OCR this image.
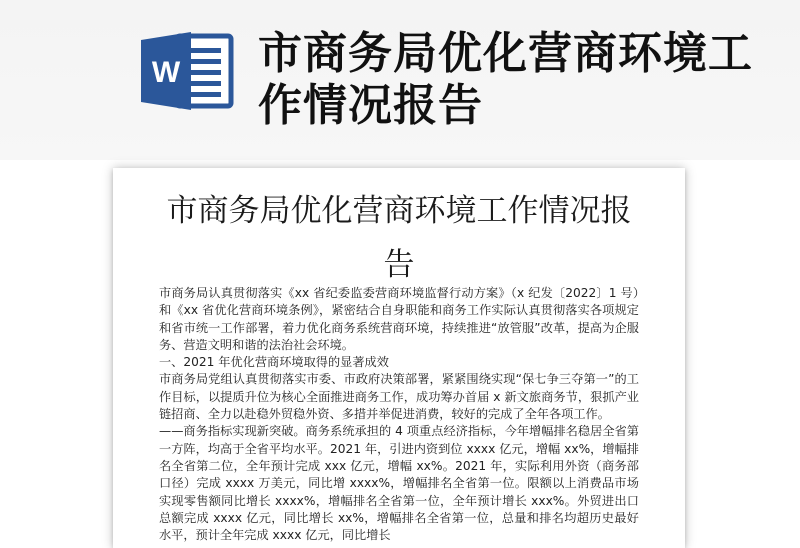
W 市商务局优化营商环境工作情况报告
市商务局优化营商环境工作情况报告

市商务局认真贯彻落实《xx 省纪委监委营商环境监督行动方案》（x 纪发〔2022〕1 号）和《xx 省优化营商环境条例》，紧密结合自身职能和商务工作实际认真贯彻落实各项规定和省市统一工作部署，着力优化商务系统营商环境，持续推进“放管服”改革，提高为企服务、营造文明和谐的法治社会环境。

一、2021 年优化营商环境取得的显著成效

市商务局党组认真贯彻落实市委、市政府决策部署，紧紧围绕实现“保七争三夺第一”的工作目标，以提质升位为核心全面推进商务工作，成功筹办首届 x 新文旅商务节，狠抓产业链招商、全力以赴稳外贸稳外资、多措并举促进消费，较好的完成了全年各项工作。

——商务指标实现新突破。商务系统承担的 4 项重点经济指标，今年增幅排名稳居全省第一方阵，均高于全省平均水平。2021 年，引进内资到位 xxxx 亿元，增幅 xx%，增幅排名全省第二位，全年预计完成 xxx 亿元，增幅 xx%。2021 年，实际利用外资（商务部口径）完成 xxxx 万美元，同比增 xxxx%，增幅排名全省第一位。限额以上消费品市场实现零售额同比增长 xxxx%，增幅排名全省第一位，全年预计增长 xxx%。外贸进出口总额完成 xxxx 亿元，同比增长 xx%，增幅排名全省第一位，总量和排名均超历史最好水平，预计全年完成 xxxx 亿元，同比增长
